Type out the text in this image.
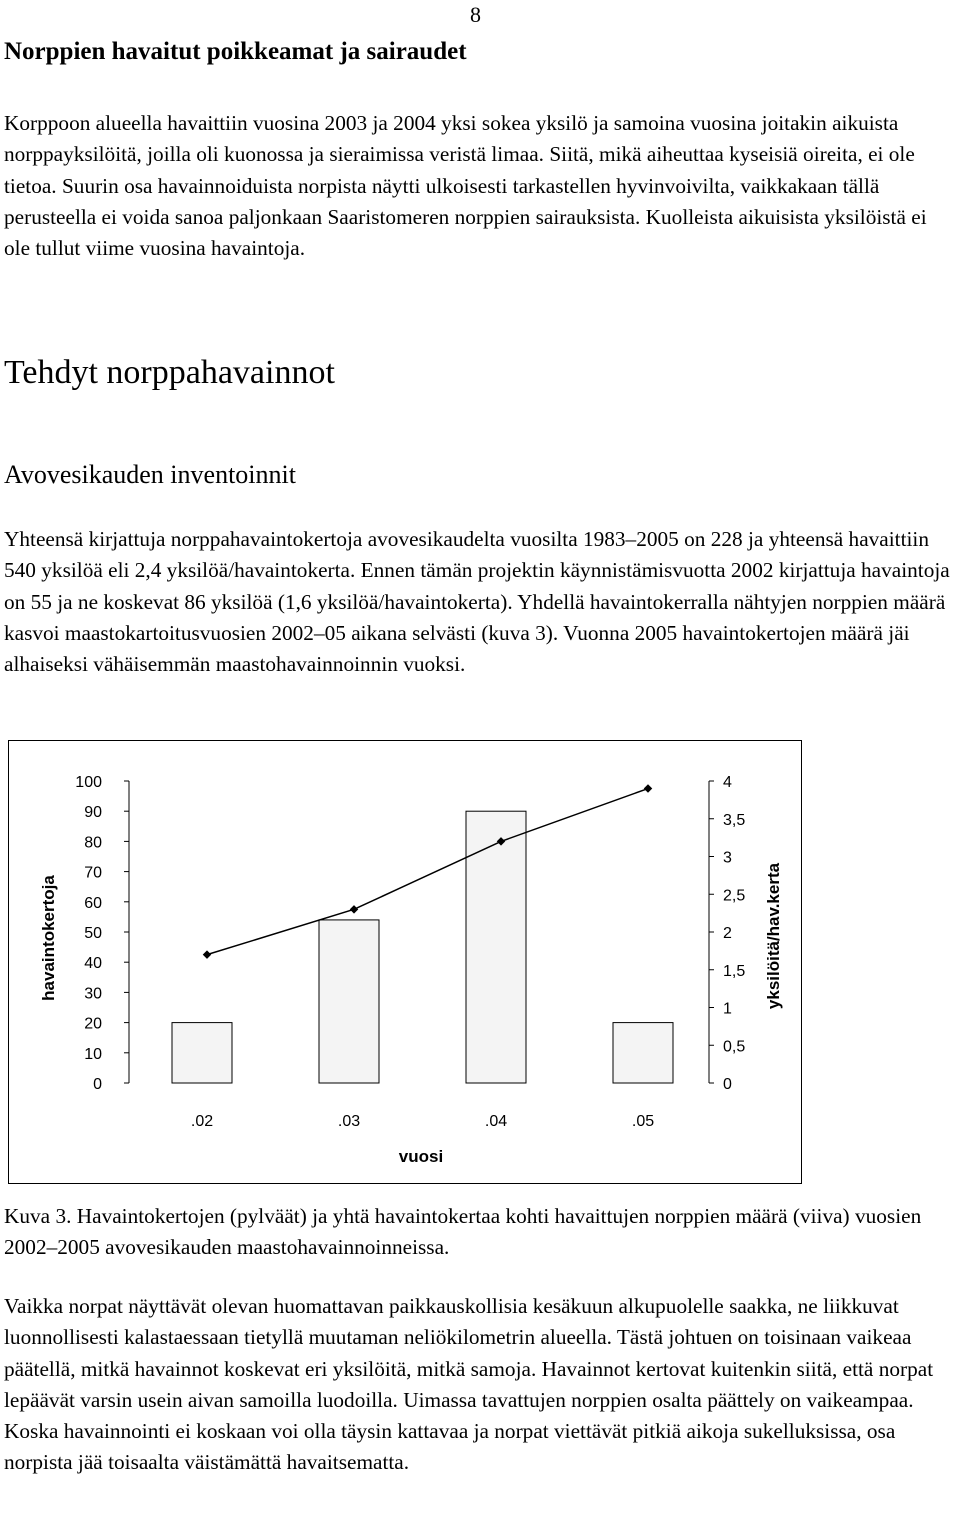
8
Norppien havaitut poikkeamat ja sairaudet

Korppoon alueella havaittiin vuosina 2003 ja 2004 yksi sokea yksilö ja samoina vuosina joitakin aikuista norppayksilöitä, joilla oli kuonossa ja sieraimissa veristä limaa. Siitä, mikä aiheuttaa kyseisiä oireita, ei ole tietoa. Suurin osa havainnoiduista norpista näytti ulkoisesti tarkastellen hyvinvoivilta, vaikkakaan tällä perusteella ei voida sanoa paljonkaan Saaristomeren norppien sairauksista. Kuolleista aikuisista yksilöistä ei ole tullut viime vuosina havaintoja.

Tehdyt norppahavainnot
Avovesikauden inventoinnit

Yhteensä kirjattuja norppahavaintokertoja avovesikaudelta vuosilta 1983–2005 on 228 ja yhteensä havaittiin 540 yksilöä eli 2,4 yksilöä/havaintokerta. Ennen tämän projektin käynnistämisvuotta 2002 kirjattuja havaintoja on 55 ja ne koskevat 86 yksilöä (1,6 yksilöä/havaintokerta). Yhdellä havaintokerralla nähtyjen norppien määrä kasvoi maastokartoitusvuosien 2002–05 aikana selvästi (kuva 3). Vuonna 2005 havaintokertojen määrä jäi alhaiseksi vähäisemmän maastohavainnoinnin vuoksi.

0
10
20
30
40
50
60
70
80
90
100
0
0,5
1
1,5
2
2,5
3
3,5
4
.02	.03	.04	.05
vuosi
havaintokertoja	yksilöitä/hav.kerta

Kuva 3. Havaintokertojen (pylväät) ja yhtä havaintokertaa kohti havaittujen norppien määrä (viiva) vuosien 2002–2005 avovesikauden maastohavainnoinneissa.

Vaikka norpat näyttävät olevan huomattavan paikkauskollisia kesäkuun alkupuolelle saakka, ne liikkuvat luonnollisesti kalastaessaan tietyllä muutaman neliökilometrin alueella. Tästä johtuen on toisinaan vaikeaa päätellä, mitkä havainnot koskevat eri yksilöitä, mitkä samoja. Havainnot kertovat kuitenkin siitä, että norpat lepäävät varsin usein aivan samoilla luodoilla. Uimassa tavattujen norppien osalta päättely on vaikeampaa. Koska havainnointi ei koskaan voi olla täysin kattavaa ja norpat viettävät pitkiä aikoja sukelluksissa, osa norpista jää toisaalta väistämättä havaitsematta.
